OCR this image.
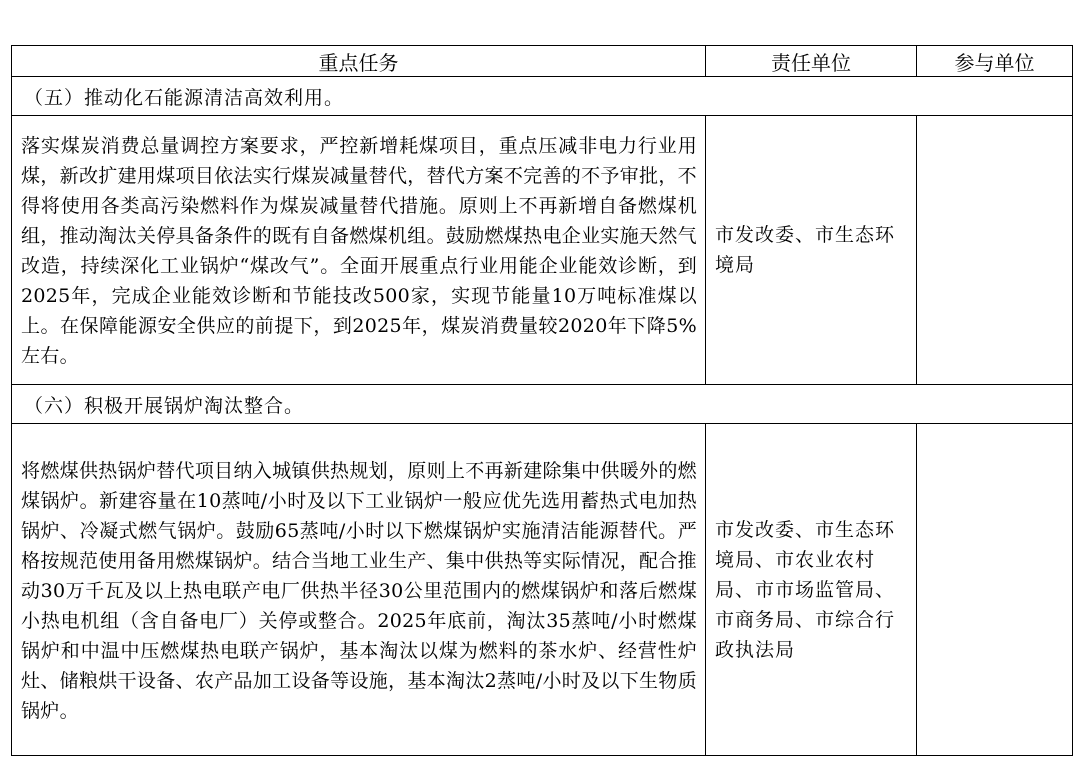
重点任务	责任单位	参与单位
（五）推动化石能源清洁高效利用。		
落实煤炭消费总量调控方案要求，严控新增耗煤项目，重点压减非电力行业用煤，新改扩建用煤项目依法实行煤炭减量替代，替代方案不完善的不予审批，不得将使用各类高污染燃料作为煤炭减量替代措施。原则上不再新增自备燃煤机组，推动淘汰关停具备条件的既有自备燃煤机组。鼓励燃煤热电企业实施天然气改造，持续深化工业锅炉“煤改气”。全面开展重点行业用能企业能效诊断，到2025年，完成企业能效诊断和节能技改500家，实现节能量10万吨标准煤以上。在保障能源安全供应的前提下，到2025年，煤炭消费量较2020年下降5%左右。	市发改委、市生态环境局	
（六）积极开展锅炉淘汰整合。		
将燃煤供热锅炉替代项目纳入城镇供热规划，原则上不再新建除集中供暖外的燃煤锅炉。新建容量在10蒸吨/小时及以下工业锅炉一般应优先选用蓄热式电加热锅炉、冷凝式燃气锅炉。鼓励65蒸吨/小时以下燃煤锅炉实施清洁能源替代。严格按规范使用备用燃煤锅炉。结合当地工业生产、集中供热等实际情况，配合推动30万千瓦及以上热电联产电厂供热半径30公里范围内的燃煤锅炉和落后燃煤小热电机组（含自备电厂）关停或整合。2025年底前，淘汰35蒸吨/小时燃煤锅炉和中温中压燃煤热电联产锅炉，基本淘汰以煤为燃料的茶水炉、经营性炉灶、储粮烘干设备、农产品加工设备等设施，基本淘汰2蒸吨/小时及以下生物质锅炉。	市发改委、市生态环境局、市农业农村局、市市场监管局、市商务局、市综合行政执法局	
